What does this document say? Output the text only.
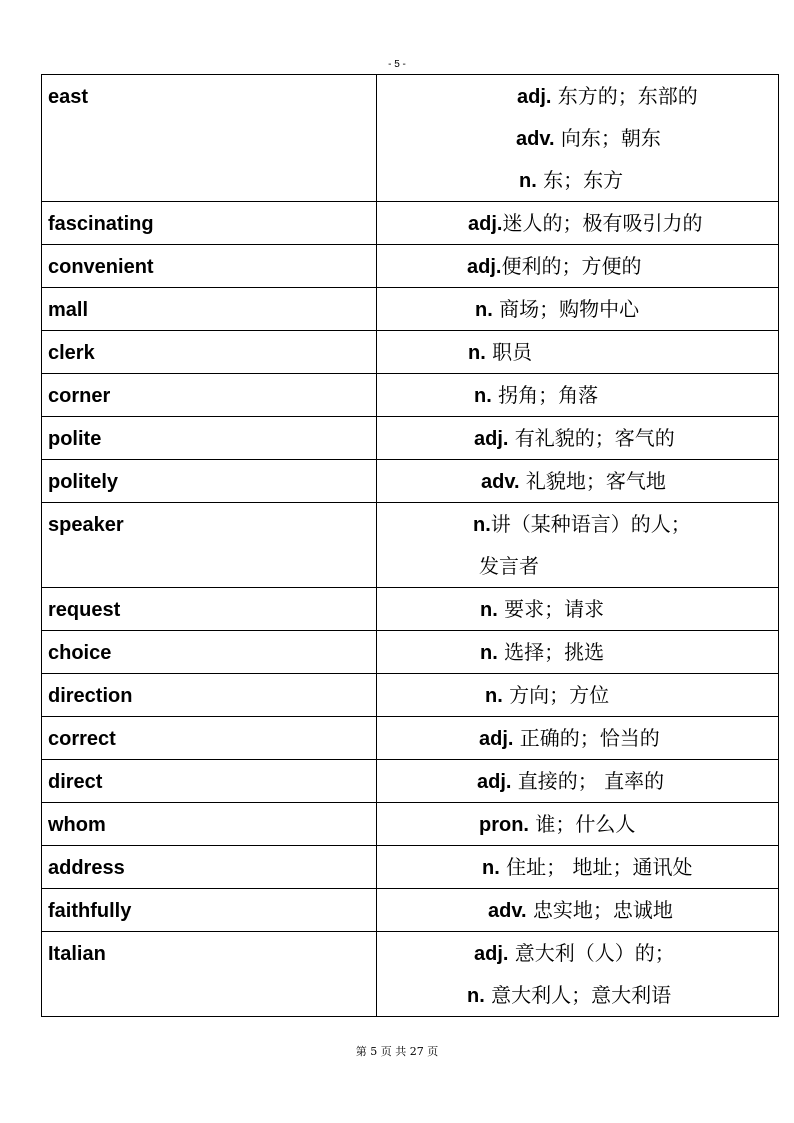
- 5 -
east	adj. 东方的；东部的
adv. 向东；朝东
n. 东；东方

fascinating	adj.迷人的；极有吸引力的

convenient	adj.便利的；方便的

mall	n. 商场；购物中心

clerk	n. 职员

corner	n. 拐角；角落

polite	adj. 有礼貌的；客气的

politely	adv. 礼貌地；客气地

speaker	n.讲（某种语言）的人；
发言者

request	n. 要求；请求

choice	n. 选择；挑选

direction	n. 方向；方位

correct	adj. 正确的；恰当的

direct	adj. 直接的； 直率的

whom	pron. 谁；什么人

address	n. 住址； 地址；通讯处

faithfully	adv. 忠实地；忠诚地

Italian	adj. 意大利（人）的；
n. 意大利人；意大利语
第 5 页 共 27 页
